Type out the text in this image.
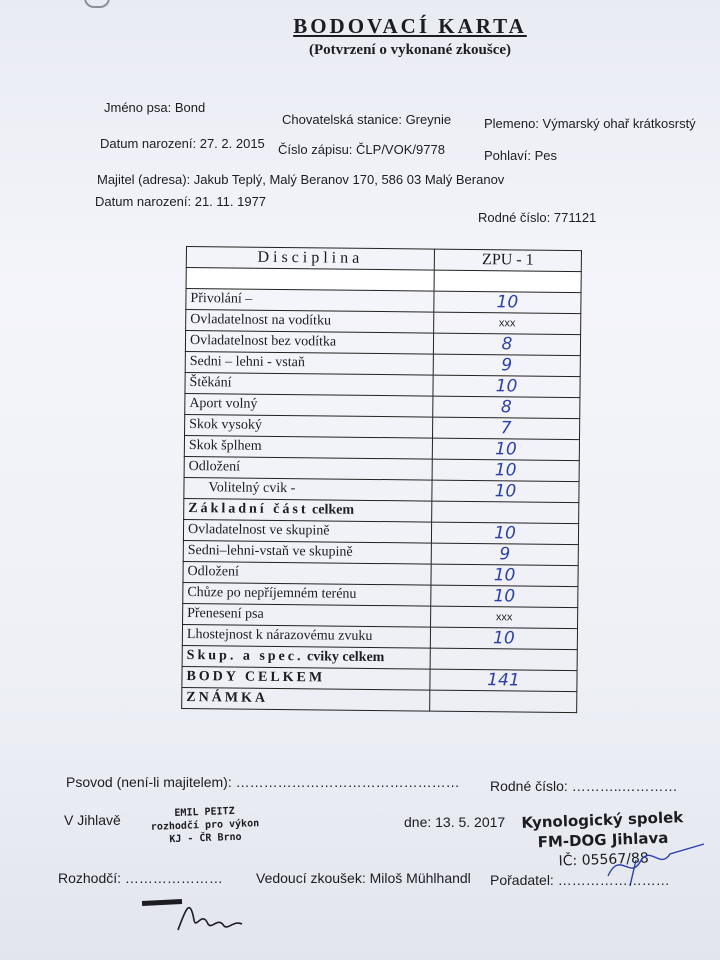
BODOVACÍ KARTA
(Potvrzení o vykonané zkoušce)
Jméno psa: Bond
Chovatelská stanice: Greynie	Plemeno: Výmarský ohař krátkosrstý
Datum narození: 27. 2. 2015 Číslo zápisu: ČLP/VOK/9778	Pohlaví: Pes
Majitel (adresa): Jakub Teplý, Malý Beranov 170, 586 03 Malý Beranov
Datum narození: 21. 11. 1977
Rodné číslo: 771121
Disciplina	ZPU - 1

Přivolání –	10
Ovladatelnost na vodítku	xxx
Ovladatelnost bez vodítka	8
Sedni – lehni - vstaň	9
Štěkání	10
Aport volný	8
Skok vysoký	7
Skok šplhem	10
Odložení	10
Volitelný cvik -	10
Základní část celkem	
Ovladatelnost ve skupině	10
Sedni–lehni-vstaň ve skupině	9
Odložení	10
Chůze po nepříjemném terénu	10
Přenesení psa	xxx
Lhostejnost k nárazovému zvuku	10
Skup. a spec. cviky celkem	
BODY CELKEM	141
ZNÁMKA	
Psovod (není-li majitelem): ………………………………………… Rodné číslo: ………..…………
V Jihlavě	EMIL PEITZ
rozhodčí pro výkon
KJ - ČR Brno
dne: 13. 5. 2017 Kynologický spolek
FM-DOG Jihlava
IČ: 05567/88
Rozhodčí: ………………… Vedoucí zkoušek: Miloš Mühlhandl Pořadatel: ……………………
